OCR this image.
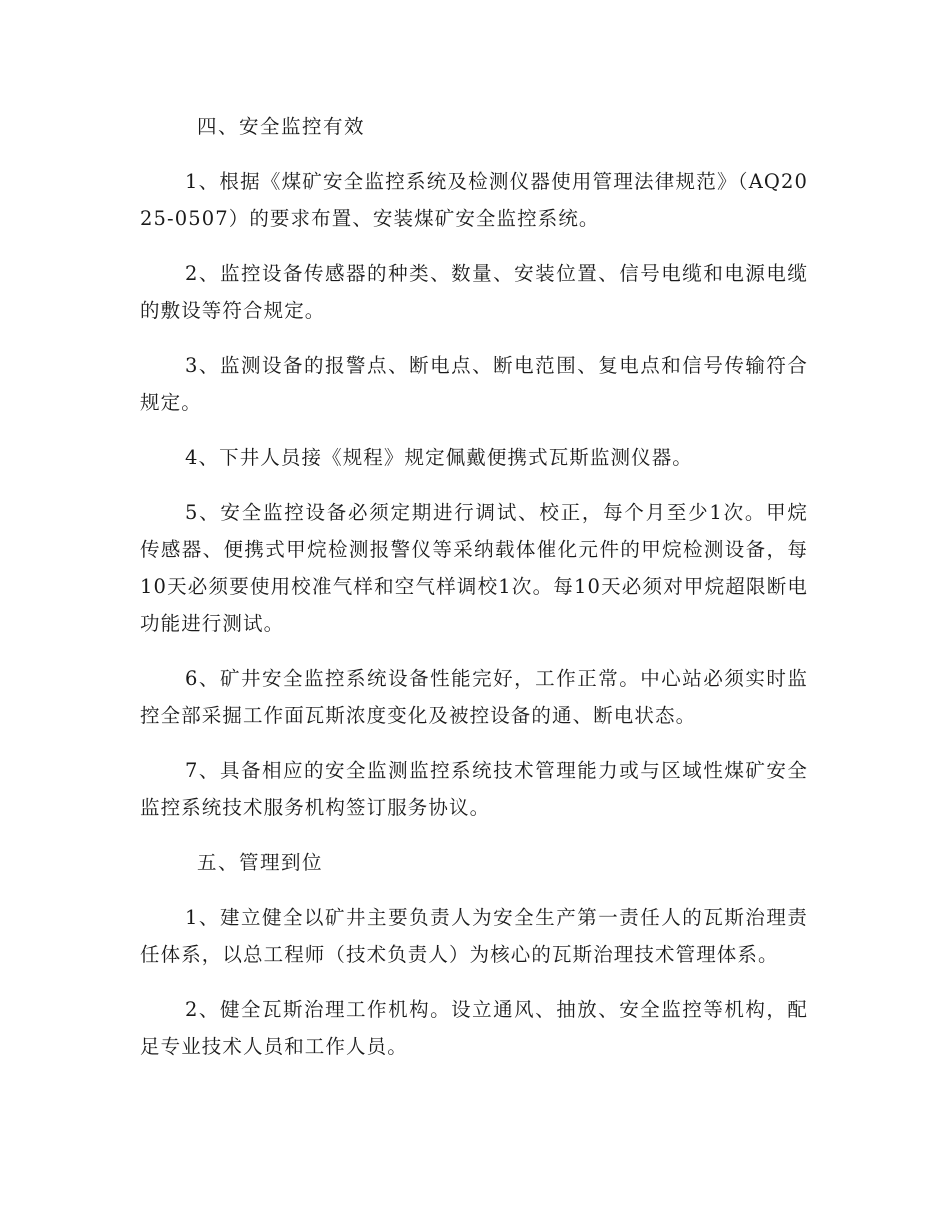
四、安全监控有效

1、根据《煤矿安全监控系统及检测仪器使用管理法律规范》（AQ2025-0507）的要求布置、安装煤矿安全监控系统。

2、监控设备传感器的种类、数量、安装位置、信号电缆和电源电缆的敷设等符合规定。

3、监测设备的报警点、断电点、断电范围、复电点和信号传输符合规定。

4、下井人员接《规程》规定佩戴便携式瓦斯监测仪器。

5、安全监控设备必须定期进行调试、校正，每个月至少1次。甲烷传感器、便携式甲烷检测报警仪等采纳载体催化元件的甲烷检测设备，每10天必须要使用校准气样和空气样调校1次。每10天必须对甲烷超限断电功能进行测试。

6、矿井安全监控系统设备性能完好，工作正常。中心站必须实时监控全部采掘工作面瓦斯浓度变化及被控设备的通、断电状态。

7、具备相应的安全监测监控系统技术管理能力或与区域性煤矿安全监控系统技术服务机构签订服务协议。

五、管理到位

1、建立健全以矿井主要负责人为安全生产第一责任人的瓦斯治理责任体系，以总工程师（技术负责人）为核心的瓦斯治理技术管理体系。

2、健全瓦斯治理工作机构。设立通风、抽放、安全监控等机构，配足专业技术人员和工作人员。
